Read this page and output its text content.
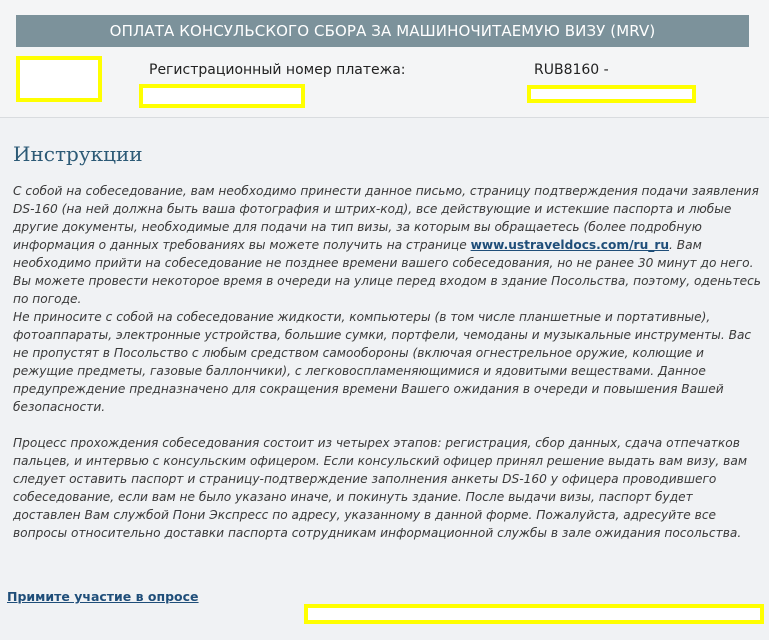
ОПЛАТА КОНСУЛЬСКОГО СБОРА ЗА МАШИНОЧИТАЕМУЮ ВИЗУ (MRV)
Регистрационный номер платежа:	RUB8160 -
Инструкции

С собой на собеседование, вам необходимо принести данное письмо, страницу подтверждения подачи заявления DS-160 (на ней должна быть ваша фотография и штрих-код), все действующие и истекшие паспорта и любые другие документы, необходимые для подачи на тип визы, за которым вы обращаетесь (более подробную информация о данных требованиях вы можете получить на странице www.ustraveldocs.com/ru_ru. Вам необходимо прийти на собеседование не позднее времени вашего собеседования, но не ранее 30 минут до него. Вы можете провести некоторое время в очереди на улице перед входом в здание Посольства, поэтому, оденьтесь по погоде.
Не приносите с собой на собеседование жидкости, компьютеры (в том числе планшетные и портативные), фотоаппараты, электронные устройства, большие сумки, портфели, чемоданы и музыкальные инструменты. Вас не пропустят в Посольство с любым средством самообороны (включая огнестрельное оружие, колющие и режущие предметы, газовые баллончики), с легковоспламеняющимися и ядовитыми веществами. Данное предупреждение предназначено для сокращения времени Вашего ожидания в очереди и повышения Вашей безопасности.

Процесс прохождения собеседования состоит из четырех этапов: регистрация, сбор данных, сдача отпечатков пальцев, и интервью с консульским офицером. Если консульский офицер принял решение выдать вам визу, вам следует оставить паспорт и страницу-подтверждение заполнения анкеты DS-160 у офицера проводившего собеседование, если вам не было указано иначе, и покинуть здание. После выдачи визы, паспорт будет доставлен Вам службой Пони Экспресс по адресу, указанному в данной форме. Пожалуйста, адресуйте все вопросы относительно доставки паспорта сотрудникам информационной службы в зале ожидания посольства.

Примите участие в опросе
